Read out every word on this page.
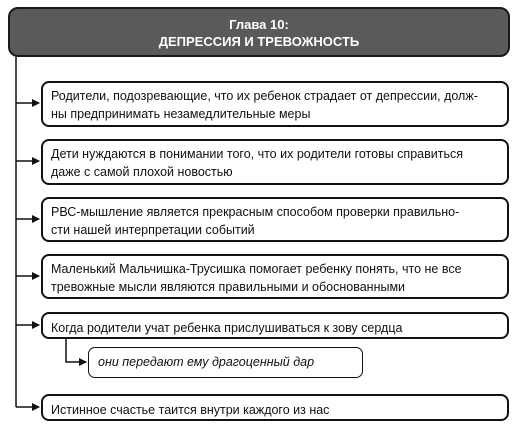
Глава 10:
ДЕПРЕССИЯ И ТРЕВОЖНОСТЬ
Родители, подозревающие, что их ребенок страдает от депрессии, долж-
ны предпринимать незамедлительные меры
Дети нуждаются в понимании того, что их родители готовы справиться
даже с самой плохой новостью
РВС-мышление является прекрасным способом проверки правильно-
сти нашей интерпретации событий
Маленький Мальчишка-Трусишка помогает ребенку понять, что не все
тревожные мысли являются правильными и обоснованными
Когда родители учат ребенка прислушиваться к зову сердца
они передают ему драгоценный дар
Истинное счастье таится внутри каждого из нас
